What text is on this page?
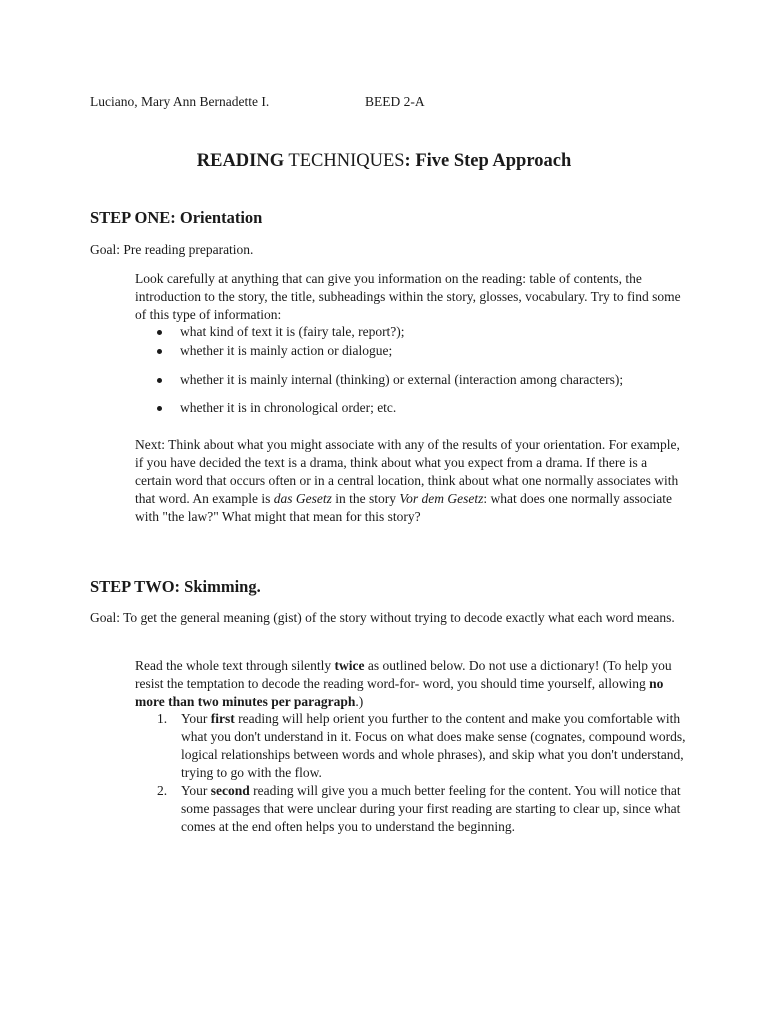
Luciano, Mary Ann Bernadette I.	BEED 2-A
READING TECHNIQUES: Five Step Approach
STEP ONE: Orientation
Goal: Pre reading preparation.
Look carefully at anything that can give you information on the reading: table of contents, the introduction to the story, the title, subheadings within the story, glosses, vocabulary. Try to find some of this type of information:
what kind of text it is (fairy tale, report?);
whether it is mainly action or dialogue;
whether it is mainly internal (thinking) or external (interaction among characters);
whether it is in chronological order; etc.
Next: Think about what you might associate with any of the results of your orientation. For example, if you have decided the text is a drama, think about what you expect from a drama. If there is a certain word that occurs often or in a central location, think about what one normally associates with that word. An example is das Gesetz in the story Vor dem Gesetz: what does one normally associate with "the law?" What might that mean for this story?
STEP TWO: Skimming.
Goal: To get the general meaning (gist) of the story without trying to decode exactly what each word means.
Read the whole text through silently twice as outlined below. Do not use a dictionary! (To help you resist the temptation to decode the reading word-for- word, you should time yourself, allowing no more than two minutes per paragraph.)
1. Your first reading will help orient you further to the content and make you comfortable with what you don't understand in it. Focus on what does make sense (cognates, compound words, logical relationships between words and whole phrases), and skip what you don't understand, trying to go with the flow.
2. Your second reading will give you a much better feeling for the content. You will notice that some passages that were unclear during your first reading are starting to clear up, since what comes at the end often helps you to understand the beginning.
